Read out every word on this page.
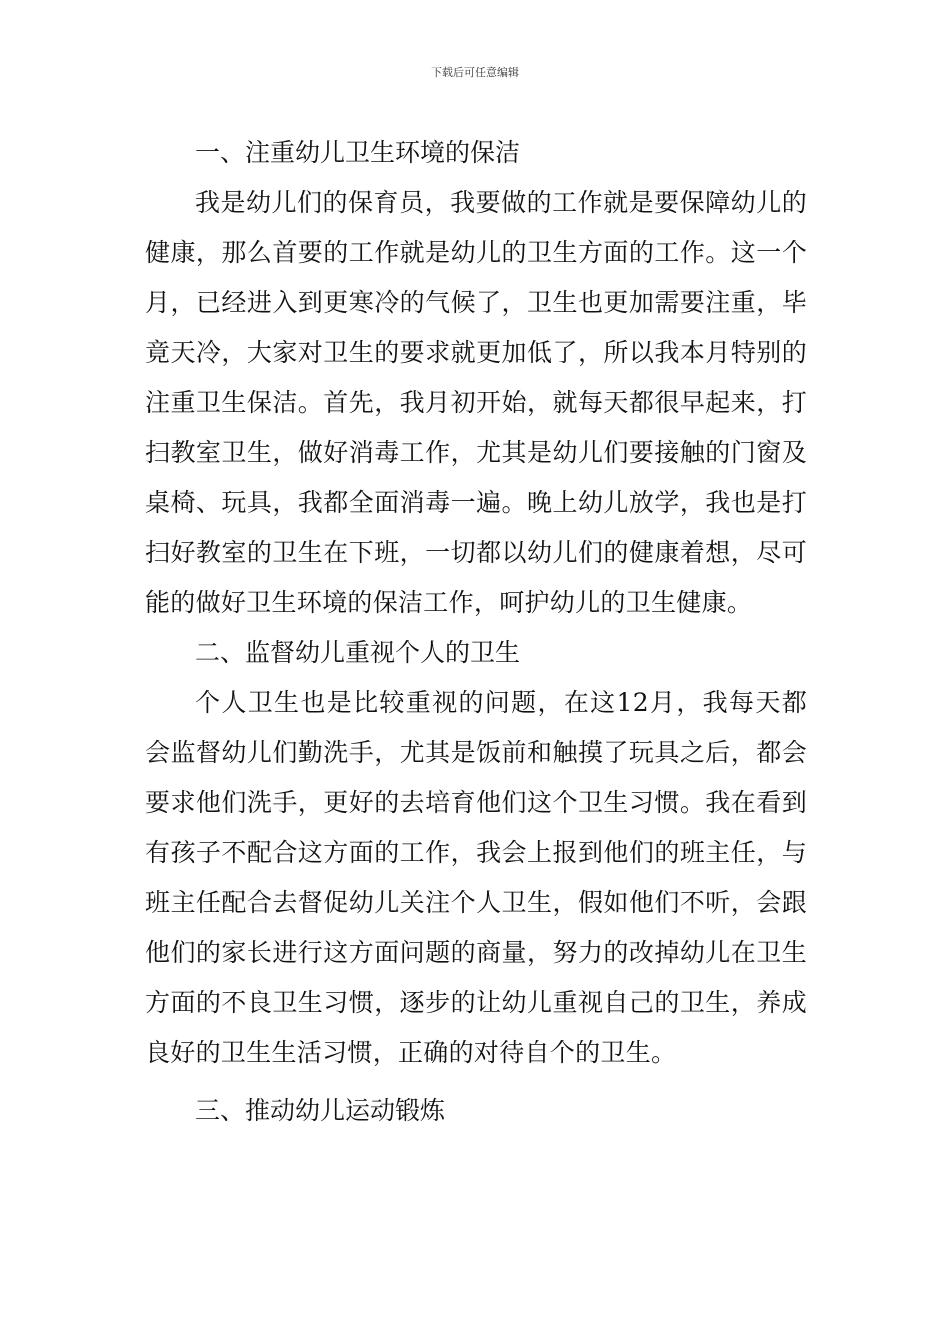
下载后可任意编辑

一、注重幼儿卫生环境的保洁

我是幼儿们的保育员，我要做的工作就是要保障幼儿的健康，那么首要的工作就是幼儿的卫生方面的工作。这一个月，已经进入到更寒冷的气候了，卫生也更加需要注重，毕竟天冷，大家对卫生的要求就更加低了，所以我本月特别的注重卫生保洁。首先，我月初开始，就每天都很早起来，打扫教室卫生，做好消毒工作，尤其是幼儿们要接触的门窗及桌椅、玩具，我都全面消毒一遍。晚上幼儿放学，我也是打扫好教室的卫生在下班，一切都以幼儿们的健康着想，尽可能的做好卫生环境的保洁工作，呵护幼儿的卫生健康。

二、监督幼儿重视个人的卫生

个人卫生也是比较重视的问题，在这12月，我每天都会监督幼儿们勤洗手，尤其是饭前和触摸了玩具之后，都会要求他们洗手，更好的去培育他们这个卫生习惯。我在看到有孩子不配合这方面的工作，我会上报到他们的班主任，与班主任配合去督促幼儿关注个人卫生，假如他们不听，会跟他们的家长进行这方面问题的商量，努力的改掉幼儿在卫生方面的不良卫生习惯，逐步的让幼儿重视自己的卫生，养成良好的卫生生活习惯，正确的对待自个的卫生。

三、推动幼儿运动锻炼
